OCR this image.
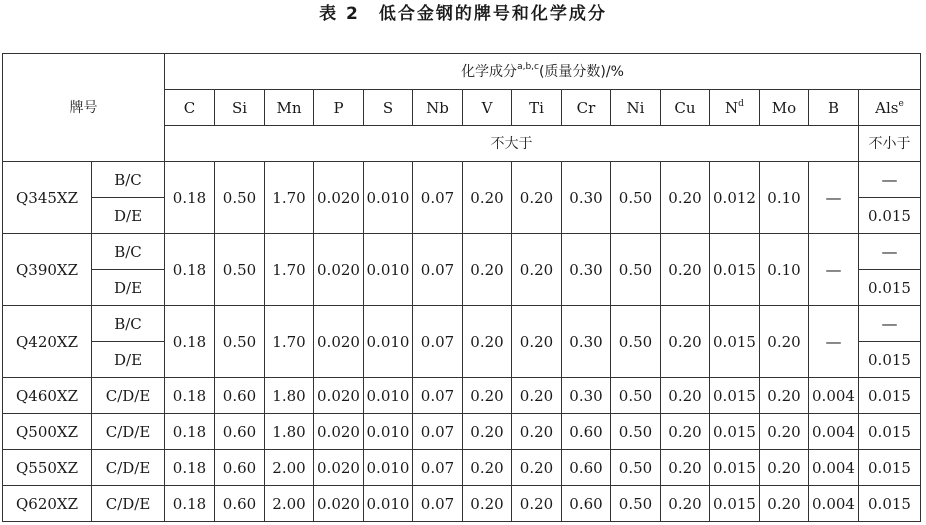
表 2　低合金钢的牌号和化学成分
牌号		化学成分$^{a,b,c}$(质量分数)/%														
		C	Si	Mn	P	S	Nb	V	Ti	Cr	Ni	Cu	$N^d$	Mo	B	Als$^e$
		不大于														不小于
Q345XZ	B/C	0.18	0.50	1.70	0.020	0.010	0.07	0.20	0.20	0.30	0.50	0.20	0.012	0.10	—	—
	D/E															0.015
Q390XZ	B/C	0.18	0.50	1.70	0.020	0.010	0.07	0.20	0.20	0.30	0.50	0.20	0.015	0.10	—	—
	D/E															0.015
Q420XZ	B/C	0.18	0.50	1.70	0.020	0.010	0.07	0.20	0.20	0.30	0.50	0.20	0.015	0.20	—	—
	D/E															0.015
Q460XZ	C/D/E	0.18	0.60	1.80	0.020	0.010	0.07	0.20	0.20	0.30	0.50	0.20	0.015	0.20	0.004	0.015
Q500XZ	C/D/E	0.18	0.60	1.80	0.020	0.010	0.07	0.20	0.20	0.60	0.50	0.20	0.015	0.20	0.004	0.015
Q550XZ	C/D/E	0.18	0.60	2.00	0.020	0.010	0.07	0.20	0.20	0.60	0.50	0.20	0.015	0.20	0.004	0.015
Q620XZ	C/D/E	0.18	0.60	2.00	0.020	0.010	0.07	0.20	0.20	0.60	0.50	0.20	0.015	0.20	0.004	0.015
